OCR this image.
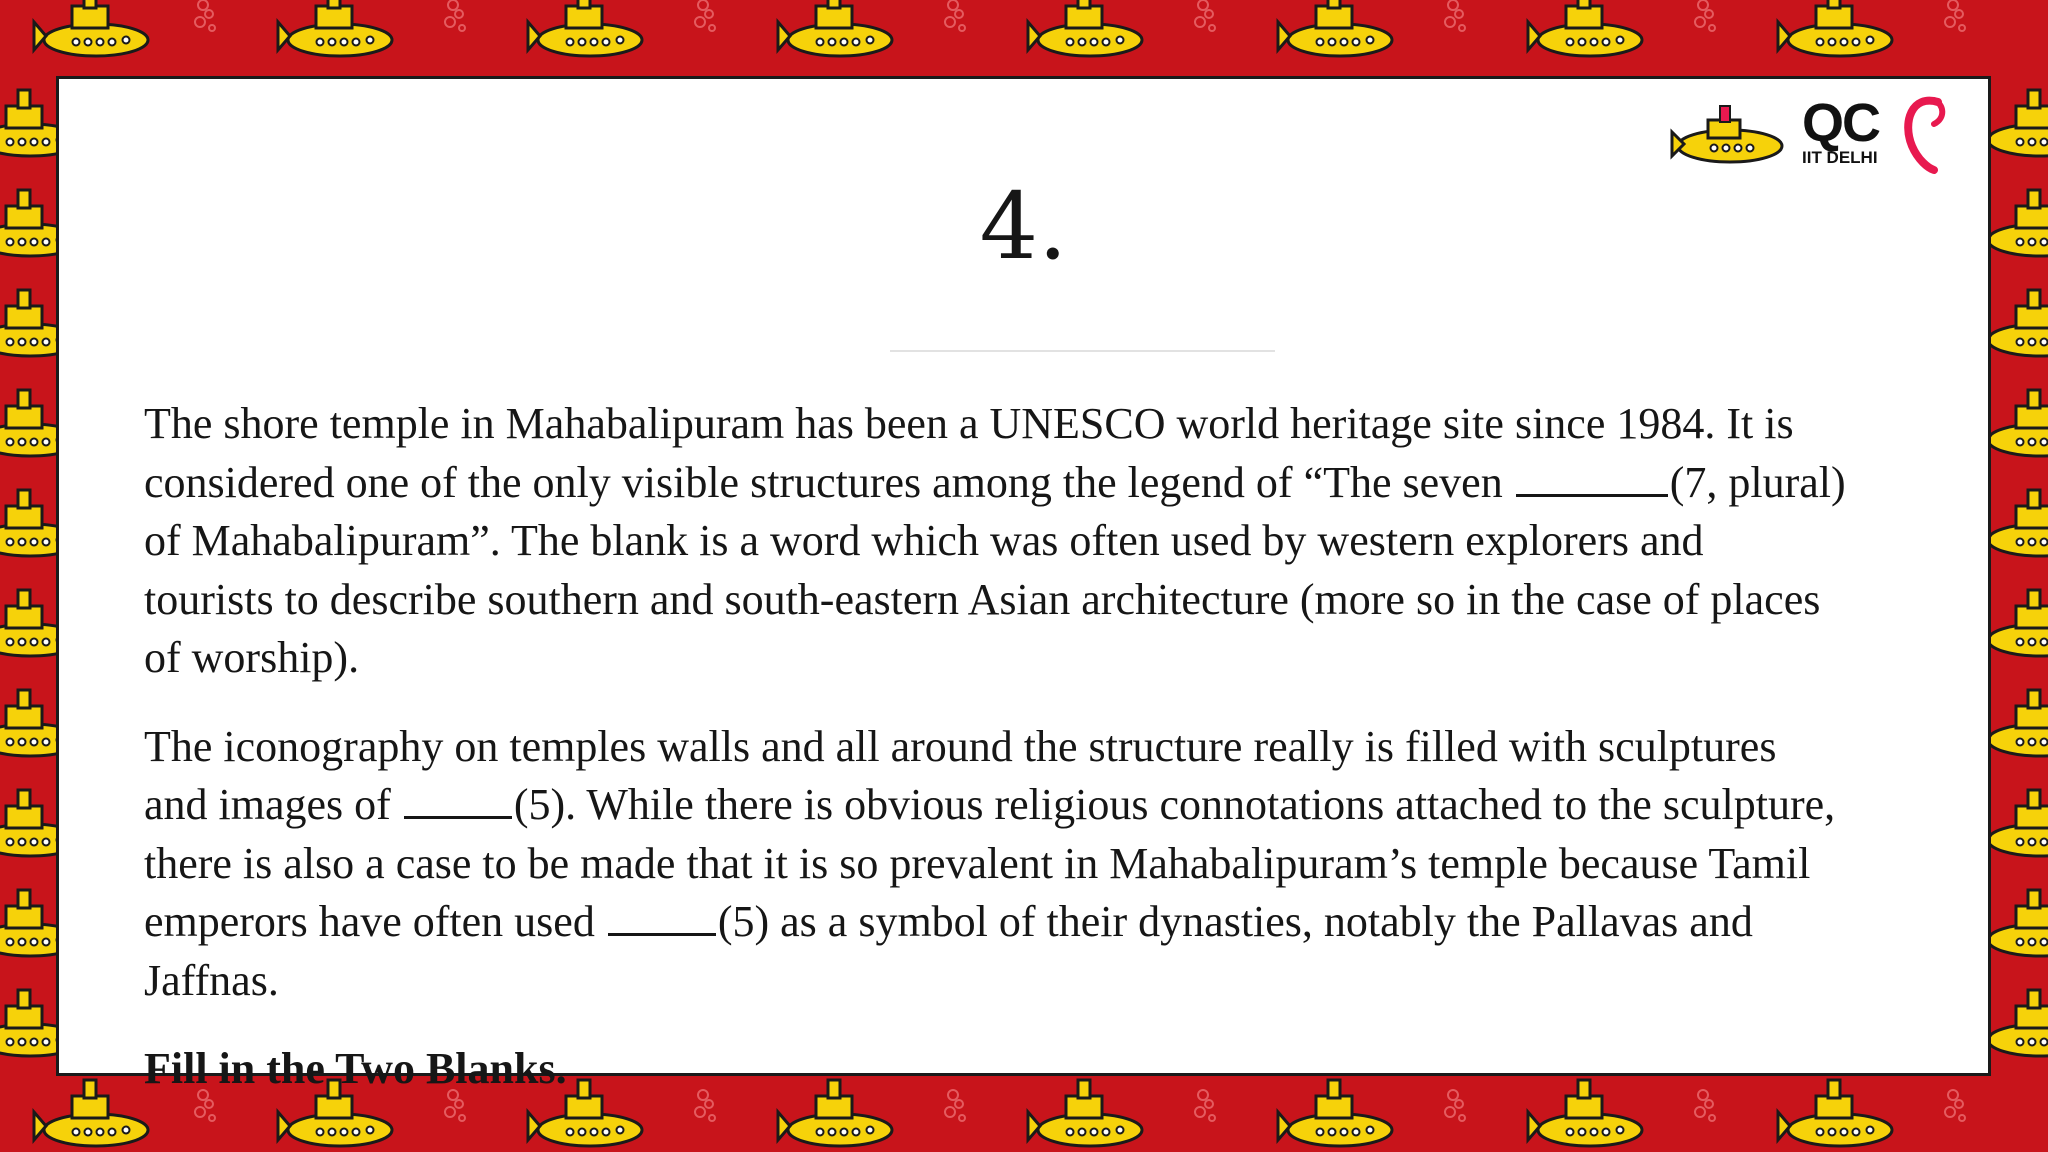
4.

The shore temple in Mahabalipuram has been a UNESCO world heritage site since 1984. It is
considered one of the only visible structures among the legend of “The seven	(7, plural)
of Mahabalipuram”. The blank is a word which was often used by western explorers and
tourists to describe southern and south-eastern Asian architecture (more so in the case of places
of worship).

The iconography on temples walls and all around the structure really is filled with sculptures
and images of	(5). While there is obvious religious connotations attached to the sculpture,
there is also a case to be made that it is so prevalent in Mahabalipuram’s temple because Tamil
emperors have often used	(5) as a symbol of their dynasties, notably the Pallavas and
Jaffnas.

Fill in the Two Blanks.

QC
IIT DELHI
